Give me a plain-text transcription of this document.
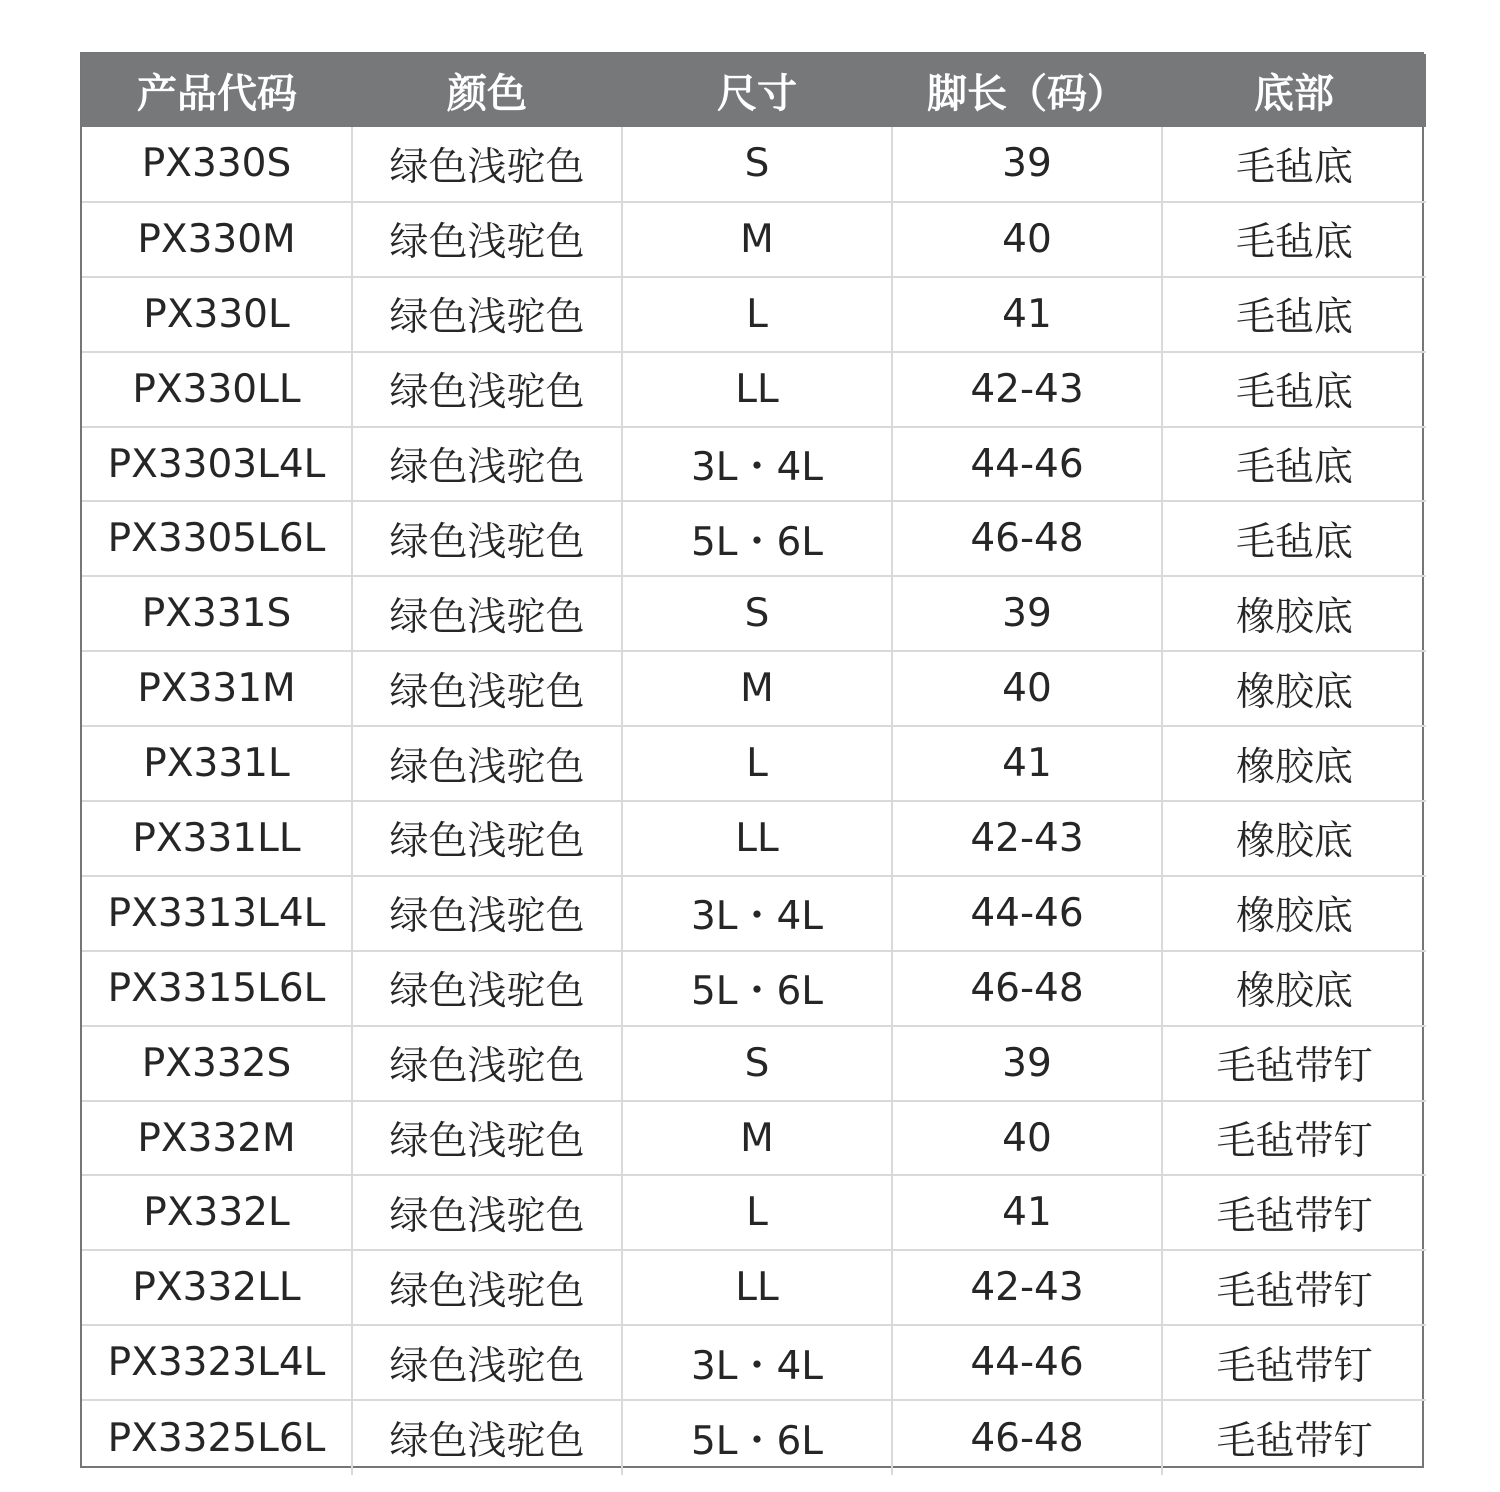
产品代码	颜色	尺寸	脚长（码）	底部
PX330S	绿色浅驼色	S	39	毛毡底
PX330M	绿色浅驼色	M	40	毛毡底
PX330L	绿色浅驼色	L	41	毛毡底
PX330LL	绿色浅驼色	LL	42-43	毛毡底
PX3303L4L	绿色浅驼色	3L・4L	44-46	毛毡底
PX3305L6L	绿色浅驼色	5L・6L	46-48	毛毡底
PX331S	绿色浅驼色	S	39	橡胶底
PX331M	绿色浅驼色	M	40	橡胶底
PX331L	绿色浅驼色	L	41	橡胶底
PX331LL	绿色浅驼色	LL	42-43	橡胶底
PX3313L4L	绿色浅驼色	3L・4L	44-46	橡胶底
PX3315L6L	绿色浅驼色	5L・6L	46-48	橡胶底
PX332S	绿色浅驼色	S	39	毛毡带钉
PX332M	绿色浅驼色	M	40	毛毡带钉
PX332L	绿色浅驼色	L	41	毛毡带钉
PX332LL	绿色浅驼色	LL	42-43	毛毡带钉
PX3323L4L	绿色浅驼色	3L・4L	44-46	毛毡带钉
PX3325L6L	绿色浅驼色	5L・6L	46-48	毛毡带钉
